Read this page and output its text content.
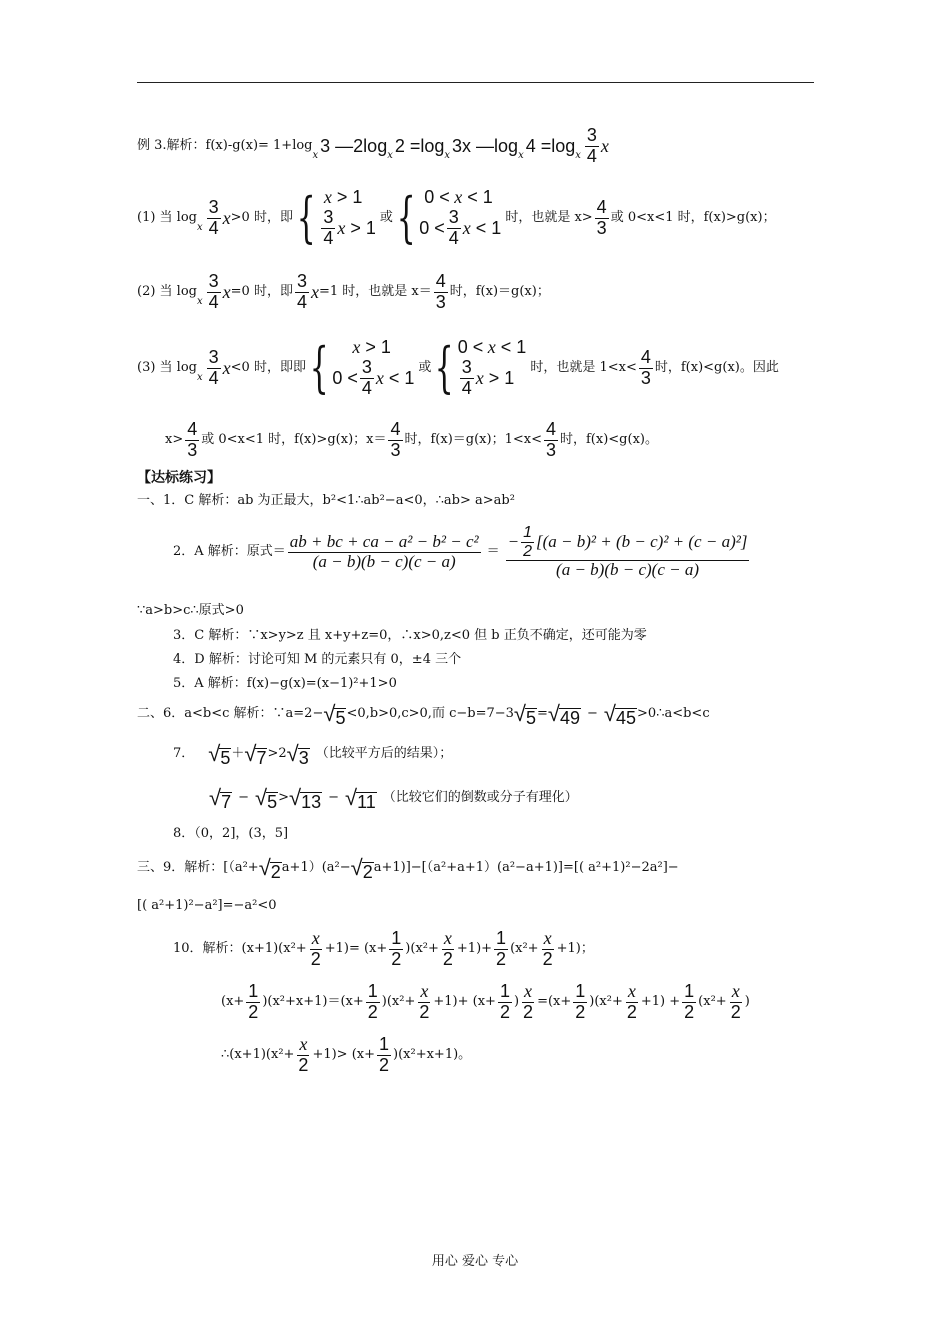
例 3.解析：f(x)-g(x)= 1+log
x 3 —2log x 2 =log x 3x —log x 4 =log x $\frac{3}{4}$ x
(1) 当 log
x $\frac{3}{4}$ x >0 时，即 { x > 1
$\frac{3}{4}$ x > 1
或 { 0 < x < 1
$0 < \frac{3}{4}$ x < 1
时，也就是 $x> \frac{4}{3}$ 或 0<x<1 时，f(x)>g(x)；
(2) 当 log
x $\frac{3}{4}$ x =0 时，即 $\frac{3}{4}$ x =1 时，也就是 $x= \frac{4}{3}$ 时，f(x)＝g(x)；
(3) 当 log
x $\frac{3}{4}$ x <0 时，即即 {
x > 1
$0 < \frac{3}{4}$ x < 1
或 { 0 < x < 1
$\frac{3}{4}$ x > 1
时，也就是 $1<x< \frac{4}{3}$ 时，f(x)<g(x)。因此
$x> \frac{4}{3}$ 或 0<x<1 时，f(x)>g(x)；$x= \frac{4}{3}$ 时，f(x)＝g(x)；$1<x< \frac{4}{3}$ 时，f(x)<g(x)。
【达标练习】
一、1．C 解析：ab 为正最大，b²<1∴ab²−a<0，∴ab> a>ab²
2．A 解析：原式＝ $\frac{\text{ab + bc + ca − a² − b² − c²}}{(a - b)(b - c)(c - a)} = \frac{- \frac{1}{2} [(a - b)^2 + (b - c)^2 + (c - a)^2]}{(a - b)(b - c)(c - a)}$
∵a>b>c∴原式>0
3．C 解析：∵x>y>z 且 x+y+z=0，∴x>0,z<0 但 b 正负不确定，还可能为零
4．D 解析：讨论可知 M 的元素只有 0，±4 三个
5．A 解析：f(x)−g(x)=(x−1)²+1>0
二、6．a<b<c 解析：∵a=2− √ 5 <0,b>0,c>0,而 c−b=7−3 √ 5 = √ 49 − √ 45 >0∴a<b<c
7． √ 5 ＋ √ 7 >2 √ 3 （比较平方后的结果）；
√ 7 − √ 5 > √ 13 − √ 11 （比较它们的倒数或分子有理化）
8．（0，2]，(3，5]
三、9．解析：[（a²+ √ 2 a+1）(a²− √ 2 a+1)]−[（a²+a+1）(a²−a+1)]=[( a²+1)²−2a²]−
[( a²+1)²−a²]=−a²<0
10．解析：$(x+1)(x^2+ \frac{x}{2} +1)= (x+ \frac{1}{2} )(x^2+ \frac{x}{2} +1)+ \frac{1}{2} (x^2+ \frac{x}{2} +1)$；
$(x+ \frac{1}{2} )(x^2+x+1)=(x+ \frac{1}{2} )(x^2+ \frac{x}{2} +1)+ (x+ \frac{1}{2}$ ) $\frac{x}{2} =(x+ \frac{1}{2} )(x^2+ \frac{x}{2} +1) + \frac{1}{2} (x^2+ \frac{x}{2}$ )
∴(x+1)(x²+ $\frac{x}{2} +1)> (x+ \frac{1}{2} )(x^2+x+1)$。
用心 爱心 专心
